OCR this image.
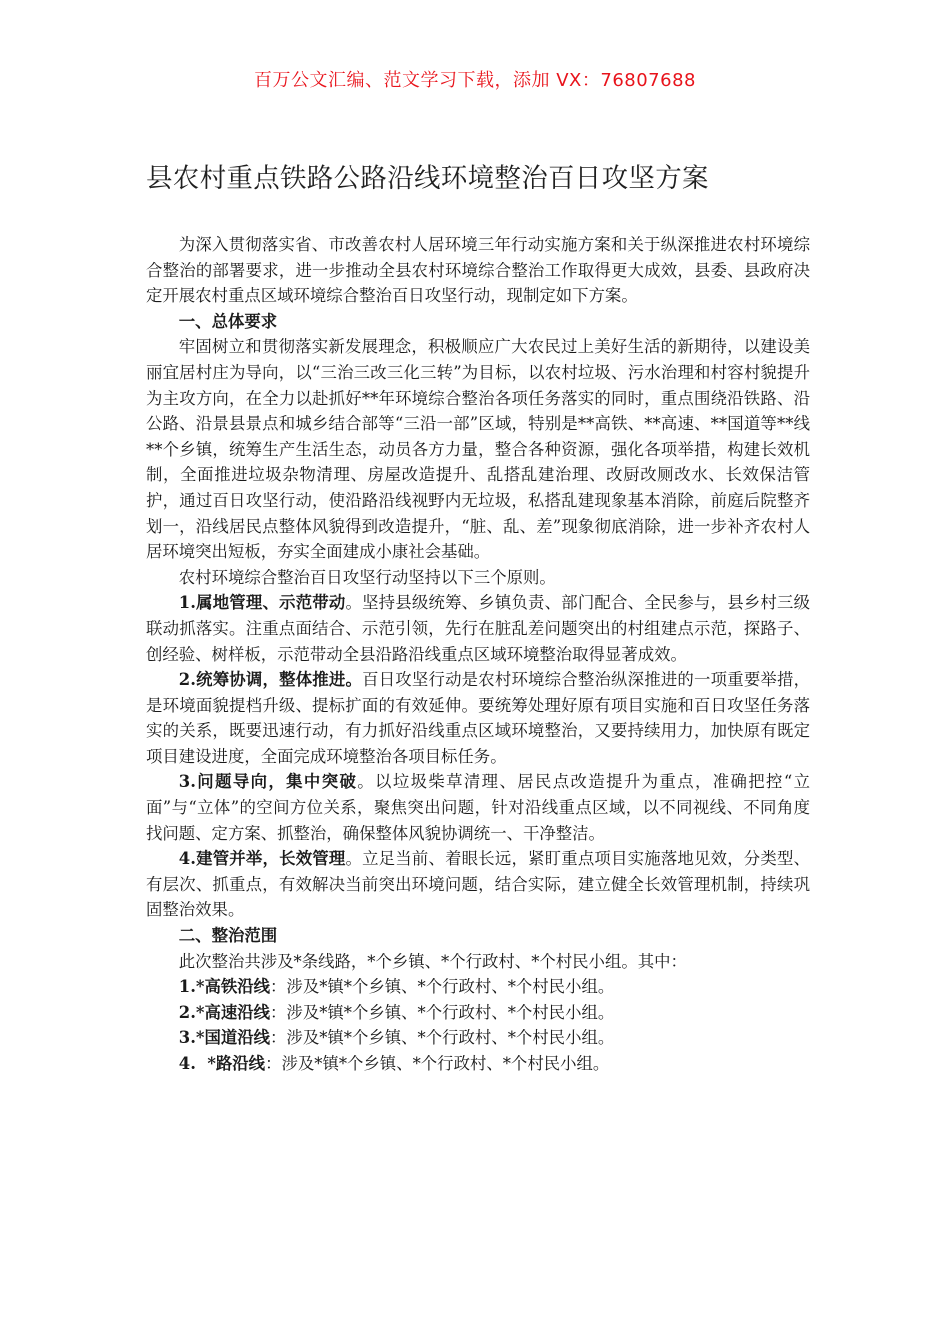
百万公文汇编、范文学习下载，添加 VX：76807688
县农村重点铁路公路沿线环境整治百日攻坚方案

为深入贯彻落实省、市改善农村人居环境三年行动实施方案和关于纵深推进农村环境综合整治的部署要求，进一步推动全县农村环境综合整治工作取得更大成效，县委、县政府决定开展农村重点区域环境综合整治百日攻坚行动，现制定如下方案。

一、总体要求

牢固树立和贯彻落实新发展理念，积极顺应广大农民过上美好生活的新期待，以建设美丽宜居村庄为导向，以“三治三改三化三转”为目标，以农村垃圾、污水治理和村容村貌提升为主攻方向，在全力以赴抓好**年环境综合整治各项任务落实的同时，重点围绕沿铁路、沿公路、沿景县景点和城乡结合部等“三沿一部”区域，特别是**高铁、**高速、**国道等**线**个乡镇，统筹生产生活生态，动员各方力量，整合各种资源，强化各项举措，构建长效机制，全面推进垃圾杂物清理、房屋改造提升、乱搭乱建治理、改厨改厕改水、长效保洁管护，通过百日攻坚行动，使沿路沿线视野内无垃圾，私搭乱建现象基本消除，前庭后院整齐划一，沿线居民点整体风貌得到改造提升，“脏、乱、差”现象彻底消除，进一步补齐农村人居环境突出短板，夯实全面建成小康社会基础。

农村环境综合整治百日攻坚行动坚持以下三个原则。

1.属地管理、示范带动。坚持县级统筹、乡镇负责、部门配合、全民参与，县乡村三级联动抓落实。注重点面结合、示范引领，先行在脏乱差问题突出的村组建点示范，探路子、创经验、树样板，示范带动全县沿路沿线重点区域环境整治取得显著成效。

2.统筹协调，整体推进。百日攻坚行动是农村环境综合整治纵深推进的一项重要举措，是环境面貌提档升级、提标扩面的有效延伸。要统筹处理好原有项目实施和百日攻坚任务落实的关系，既要迅速行动，有力抓好沿线重点区域环境整治，又要持续用力，加快原有既定项目建设进度，全面完成环境整治各项目标任务。

3.问题导向，集中突破。以垃圾柴草清理、居民点改造提升为重点，准确把控“立面”与“立体”的空间方位关系，聚焦突出问题，针对沿线重点区域，以不同视线、不同角度找问题、定方案、抓整治，确保整体风貌协调统一、干净整洁。

4.建管并举，长效管理。立足当前、着眼长远，紧盯重点项目实施落地见效，分类型、有层次、抓重点，有效解决当前突出环境问题，结合实际，建立健全长效管理机制，持续巩固整治效果。

二、整治范围

此次整治共涉及*条线路，*个乡镇、*个行政村、*个村民小组。其中：

1.*高铁沿线：涉及*镇*个乡镇、*个行政村、*个村民小组。

2.*高速沿线：涉及*镇*个乡镇、*个行政村、*个村民小组。

3.*国道沿线：涉及*镇*个乡镇、*个行政村、*个村民小组。

4.  *路沿线：涉及*镇*个乡镇、*个行政村、*个村民小组。
